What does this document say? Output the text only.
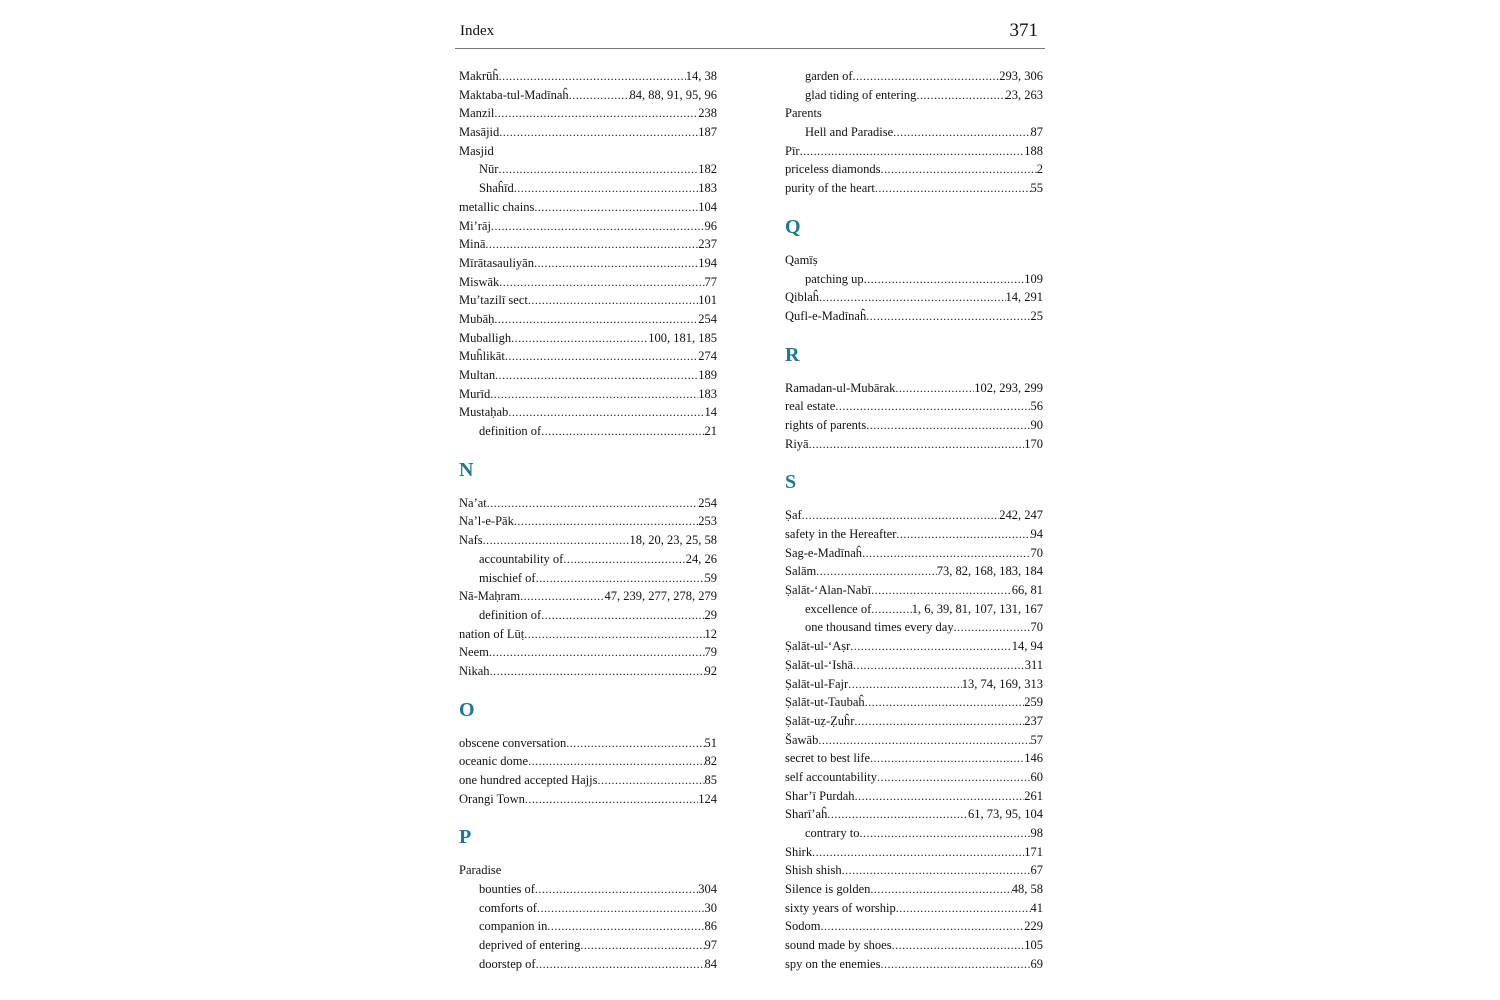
Index	371
Makrūĥ .....	14, 38
Maktaba-tul-Madīnaĥ .....	84, 88, 91, 95, 96
Manzil .....	238
Masājid .....	187
Masjid
Nūr .....	182
Shaĥīd .....	183
metallic chains .....	104
Mi’rāj .....	96
Minā .....	237
Mīrātasauliyān .....	194
Miswāk .....	77
Mu’tazilī sect .....	101
Mubāḥ .....	254
Muballigh .....	100, 181, 185
Muĥlikāt .....	274
Multan .....	189
Murīd .....	183
Mustaḥab .....	14
definition of .....	21
N
Na’at .....	254
Na’l-e-Pāk .....	253
Nafs .....	18, 20, 23, 25, 58
accountability of .....	24, 26
mischief of .....	59
Nā-Maḥram .....	47, 239, 277, 278, 279
definition of .....	29
nation of Lūṭ .....	12
Neem .....	79
Nikah .....	92
O
obscene conversation .....	51
oceanic dome .....	82
one hundred accepted Hajjs .....	85
Orangi Town .....	124
P
Paradise
bounties of .....	304
comforts of .....	30
companion in .....	86
deprived of entering .....	97
doorstep of .....	84
garden of .....	293, 306
glad tiding of entering .....	23, 263
Parents
Hell and Paradise .....	87
Pīr .....	188
priceless diamonds .....	2
purity of the heart .....	55
Q
Qamīṣ
patching up .....	109
Qiblaĥ .....	14, 291
Qufl-e-Madīnaĥ .....	25
R
Ramadan-ul-Mubārak .....	102, 293, 299
real estate .....	56
rights of parents .....	90
Riyā .....	170
S
Ṣaf .....	242, 247
safety in the Hereafter .....	94
Sag-e-Madīnaĥ .....	70
Salām .....	73, 82, 168, 183, 184
Ṣalāt-‘Alan-Nabī .....	66, 81
excellence of .....	1, 6, 39, 81, 107, 131, 167
one thousand times every day .....	70
Ṣalāt-ul-‘Aṣr .....	14, 94
Ṣalāt-ul-‘Ishā .....	311
Ṣalāt-ul-Fajr .....	13, 74, 169, 313
Ṣalāt-ut-Taubaĥ .....	259
Ṣalāt-uẓ-Ẓuĥr .....	237
Šawāb .....	57
secret to best life .....	146
self accountability .....	60
Shar’ī Purdah .....	261
Sharī’aĥ .....	61, 73, 95, 104
contrary to .....	98
Shirk .....	171
Shish shish .....	67
Silence is golden .....	48, 58
sixty years of worship .....	41
Sodom .....	229
sound made by shoes .....	105
spy on the enemies .....	69
